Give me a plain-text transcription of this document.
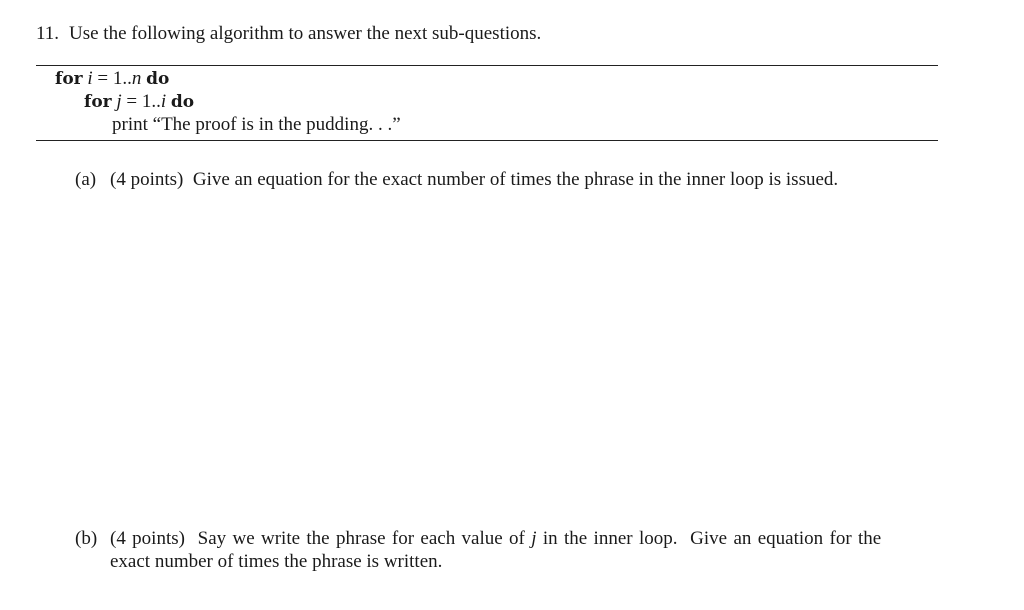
11. Use the following algorithm to answer the next sub-questions.
for i = 1..n do
for j = 1..i do
print “The proof is in the pudding. . .”
(a) (4 points)  Give an equation for the exact number of times the phrase in the inner loop is issued.
(b) (4 points)  Say we write the phrase for each value of j in the inner loop.  Give an equation for the
exact number of times the phrase is written.
